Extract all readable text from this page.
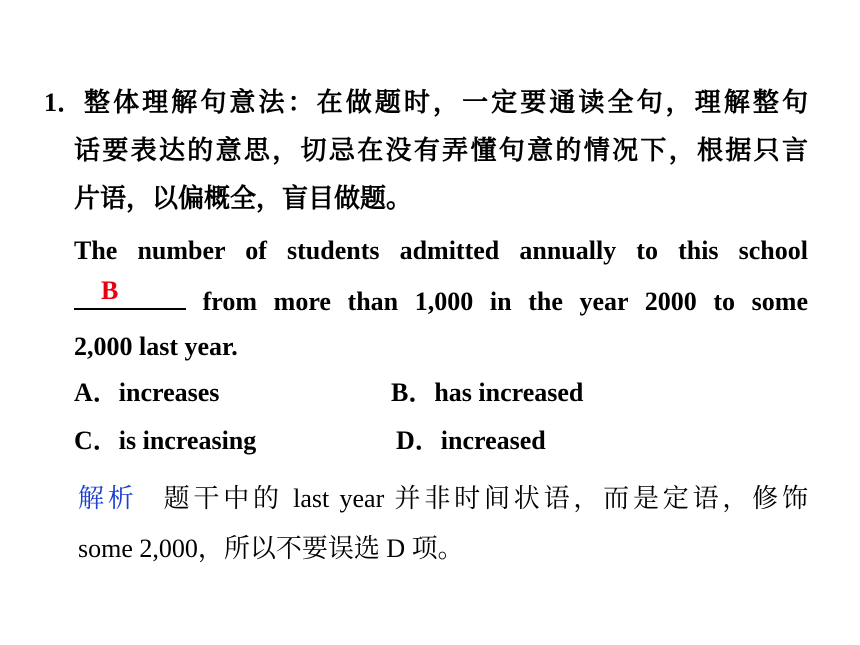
1． 整体理解句意法：在做题时，一定要通读全句，理解整句
话要表达的意思，切忌在没有弄懂句意的情况下，根据只言
片语，以偏概全，盲目做题。
The number of students admitted annually to this school
from more than 1,000 in the year 2000 to some
B
2,000 last year.
A．increases	B．has increased
C．is increasing	D．increased
解析 题干中的 last year 并非时间状语，而是定语，修饰
some 2,000，所以不要误选 D 项。
